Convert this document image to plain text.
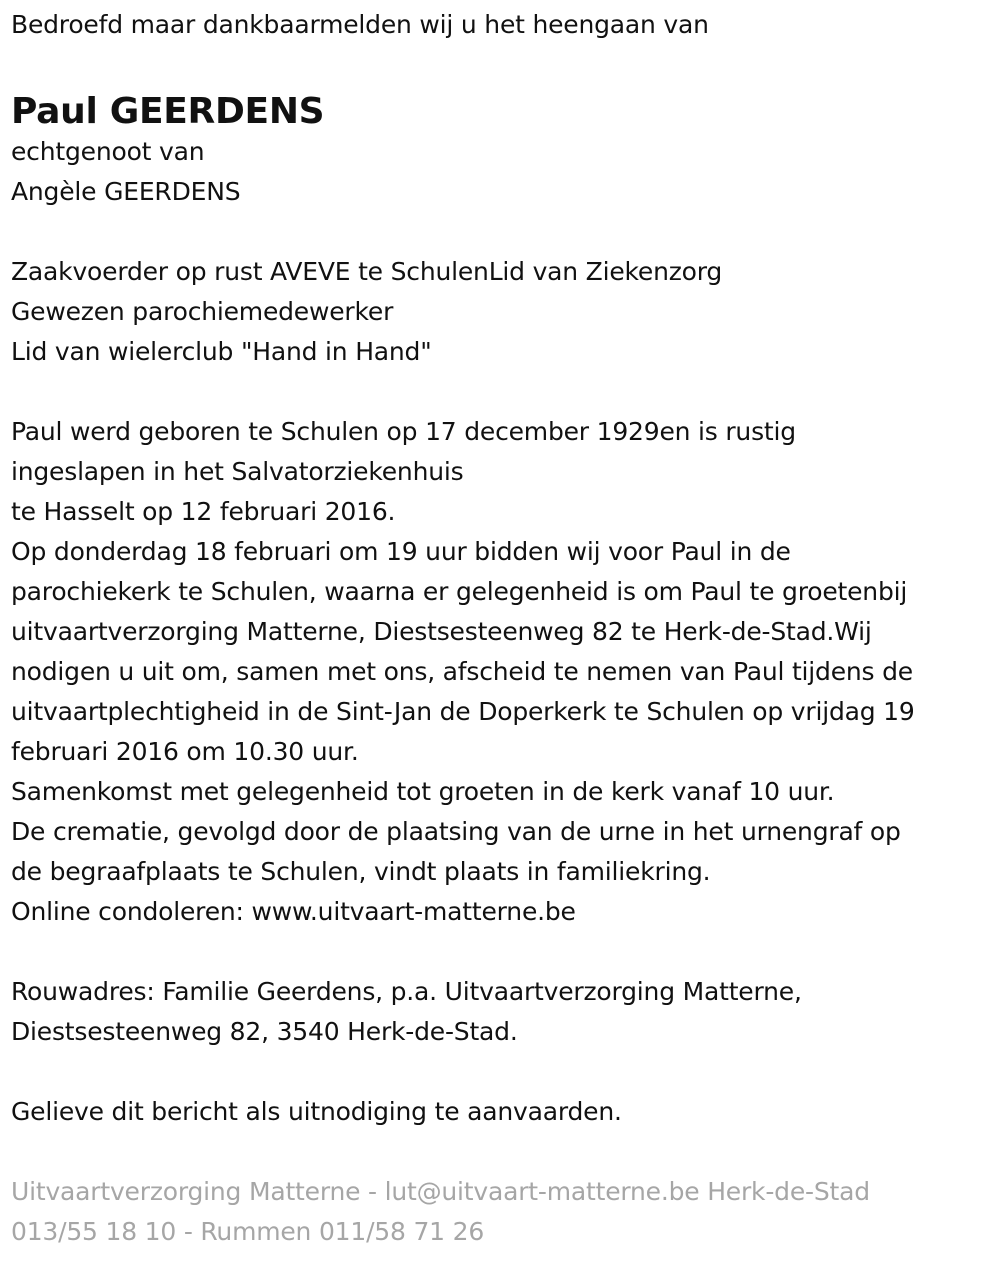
Bedroefd maar dankbaarmelden wij u het heengaan van
Paul GEERDENS
echtgenoot van
Angèle GEERDENS
Zaakvoerder op rust AVEVE te SchulenLid van Ziekenzorg
Gewezen parochiemedewerker
Lid van wielerclub "Hand in Hand"
Paul werd geboren te Schulen op 17 december 1929en is rustig
ingeslapen in het Salvatorziekenhuis
te Hasselt op 12 februari 2016.
Op donderdag 18 februari om 19 uur bidden wij voor Paul in de
parochiekerk te Schulen, waarna er gelegenheid is om Paul te groetenbij
uitvaartverzorging Matterne, Diestsesteenweg 82 te Herk-de-Stad.Wij
nodigen u uit om, samen met ons, afscheid te nemen van Paul tijdens de
uitvaartplechtigheid in de Sint-Jan de Doperkerk te Schulen op vrijdag 19
februari 2016 om 10.30 uur.
Samenkomst met gelegenheid tot groeten in de kerk vanaf 10 uur.
De crematie, gevolgd door de plaatsing van de urne in het urnengraf op
de begraafplaats te Schulen, vindt plaats in familiekring.
Online condoleren: www.uitvaart-matterne.be
Rouwadres: Familie Geerdens, p.a. Uitvaartverzorging Matterne,
Diestsesteenweg 82, 3540 Herk-de-Stad.
Gelieve dit bericht als uitnodiging te aanvaarden.
Uitvaartverzorging Matterne - lut@uitvaart-matterne.be Herk-de-Stad
013/55 18 10 - Rummen 011/58 71 26
